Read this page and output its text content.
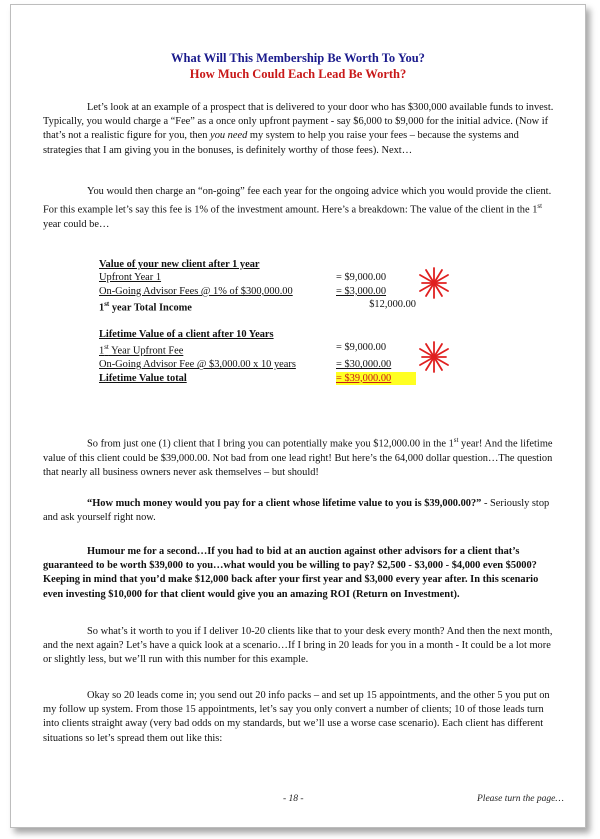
What Will This Membership Be Worth To You?
How Much Could Each Lead Be Worth?

Let’s look at an example of a prospect that is delivered to your door who has $300,000 available funds to invest. Typically, you would charge a “Fee” as a once only upfront payment - say $6,000 to $9,000 for the initial advice. (Now if that’s not a realistic figure for you, then you need my system to help you raise your fees – because the systems and strategies that I am giving you in the bonuses, is definitely worthy of those fees). Next…

You would then charge an “on-going” fee each year for the ongoing advice which you would provide the client. For this example let’s say this fee is 1% of the investment amount. Here’s a breakdown: The value of the client in the 1st year could be…

Value of your new client after 1 year
Upfront Year 1	= $9,000.00
On-Going Advisor Fees @ 1% of $300,000.00	= $3,000.00
1st year Total Income	$12,000.00
Lifetime Value of a client after 10 Years
1st Year Upfront Fee	= $9,000.00
On-Going Advisor Fee @ $3,000.00 x 10 years	= $30,000.00
Lifetime Value total	= $39,000.00

So from just one (1) client that I bring you can potentially make you $12,000.00 in the 1st year! And the lifetime value of this client could be $39,000.00. Not bad from one lead right! But here’s the 64,000 dollar question…The question that nearly all business owners never ask themselves – but should!

“How much money would you pay for a client whose lifetime value to you is $39,000.00?” - Seriously stop and ask yourself right now.

Humour me for a second…If you had to bid at an auction against other advisors for a client that’s guaranteed to be worth $39,000 to you…what would you be willing to pay? $2,500 - $3,000 - $4,000 even $5000? Keeping in mind that you’d make $12,000 back after your first year and $3,000 every year after. In this scenario even investing $10,000 for that client would give you an amazing ROI (Return on Investment).

So what’s it worth to you if I deliver 10-20 clients like that to your desk every month? And then the next month, and the next again? Let’s have a quick look at a scenario…If I bring in 20 leads for you in a month - It could be a lot more or slightly less, but we’ll run with this number for this example.

Okay so 20 leads come in; you send out 20 info packs – and set up 15 appointments, and the other 5 you put on my follow up system. From those 15 appointments, let’s say you only convert a number of clients; 10 of those leads turn into clients straight away (very bad odds on my standards, but we’ll use a worse case scenario). Each client has different situations so let’s spread them out like this:

- 18 -	Please turn the page…
